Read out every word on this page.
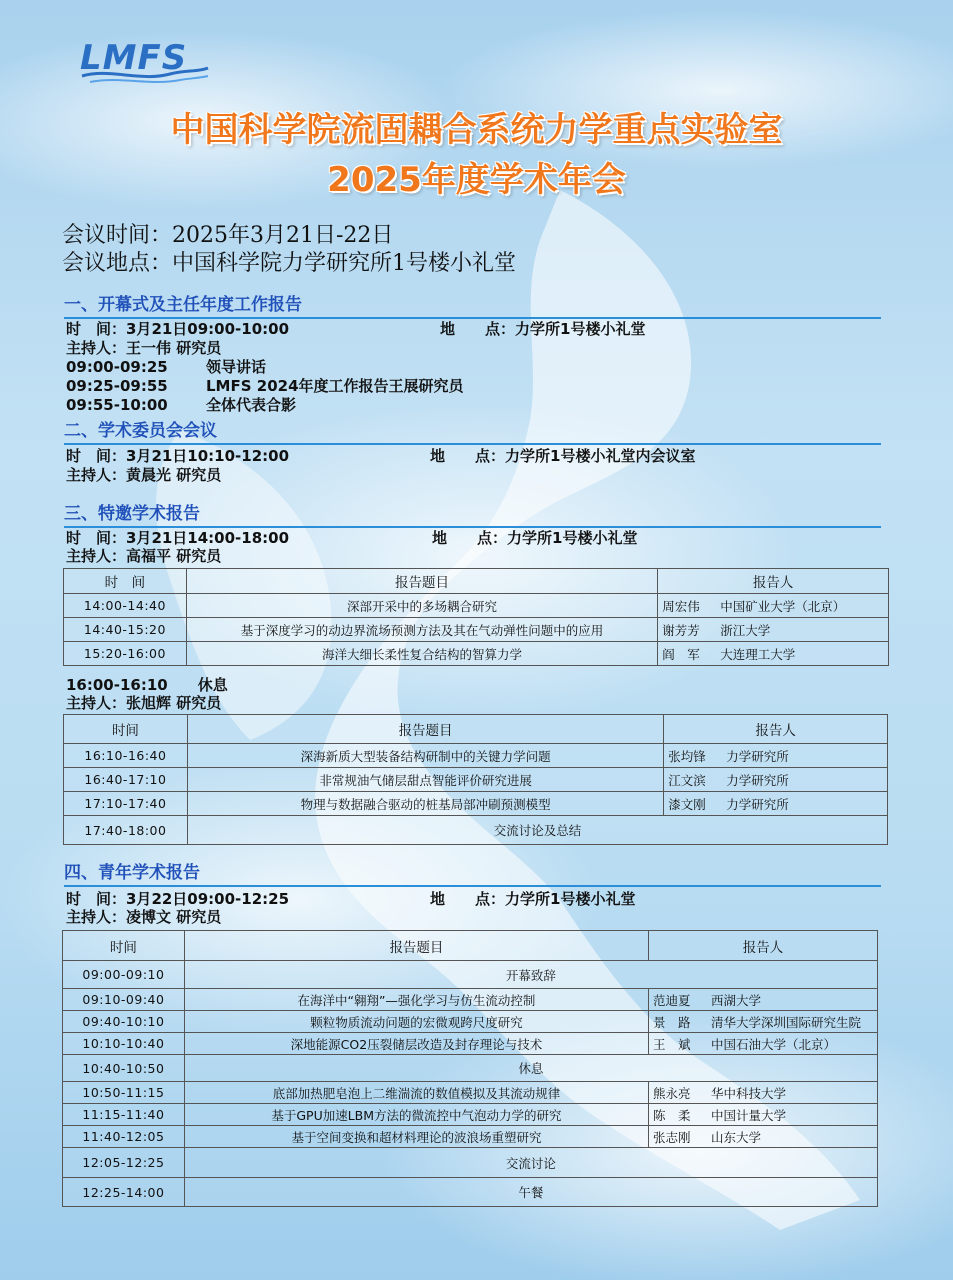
LMFS
中国科学院流固耦合系统力学重点实验室
2025年度学术年会
会议时间：2025年3月21日-22日
会议地点：中国科学院力学研究所1号楼小礼堂
一、开幕式及主任年度工作报告
时　间：3月21日09:00-10:00	地　　点：力学所1号楼小礼堂
主持人：王一伟 研究员
09:00-09:25	领导讲话
09:25-09:55	LMFS 2024年度工作报告王展研究员
09:55-10:00	全体代表合影
二、学术委员会会议
时　间：3月21日10:10-12:00	地　　点：力学所1号楼小礼堂内会议室
主持人：黄晨光 研究员
三、特邀学术报告
时　间：3月21日14:00-18:00	地　　点：力学所1号楼小礼堂
主持人：高福平 研究员
时　间	报告题目	报告人
14:00-14:40	深部开采中的多场耦合研究	周宏伟 中国矿业大学（北京）
14:40-15:20	基于深度学习的动边界流场预测方法及其在气动弹性问题中的应用	谢芳芳 浙江大学
15:20-16:00	海洋大细长柔性复合结构的智算力学	阎　军 大连理工大学
16:00-16:10　　休息
主持人：张旭辉 研究员
时间	报告题目	报告人
16:10-16:40	深海新质大型装备结构研制中的关键力学问题	张均锋 力学研究所
16:40-17:10	非常规油气储层甜点智能评价研究进展	江文滨 力学研究所
17:10-17:40	物理与数据融合驱动的桩基局部冲刷预测模型	漆文刚 力学研究所
17:40-18:00	交流讨论及总结	
四、青年学术报告
时　间：3月22日09:00-12:25	地　　点：力学所1号楼小礼堂
主持人：凌博文 研究员
时间	报告题目	报告人
09:00-09:10	开幕致辞	
09:10-09:40	在海洋中“翱翔”—强化学习与仿生流动控制	范迪夏 西湖大学
09:40-10:10	颗粒物质流动问题的宏微观跨尺度研究	景　路 清华大学深圳国际研究生院
10:10-10:40	深地能源CO2压裂储层改造及封存理论与技术	王　斌 中国石油大学（北京）
10:40-10:50	休息	
10:50-11:15	底部加热肥皂泡上二维湍流的数值模拟及其流动规律	熊永亮 华中科技大学
11:15-11:40	基于GPU加速LBM方法的微流控中气泡动力学的研究	陈　柔 中国计量大学
11:40-12:05	基于空间变换和超材料理论的波浪场重塑研究	张志刚 山东大学
12:05-12:25	交流讨论	
12:25-14:00	午餐	
